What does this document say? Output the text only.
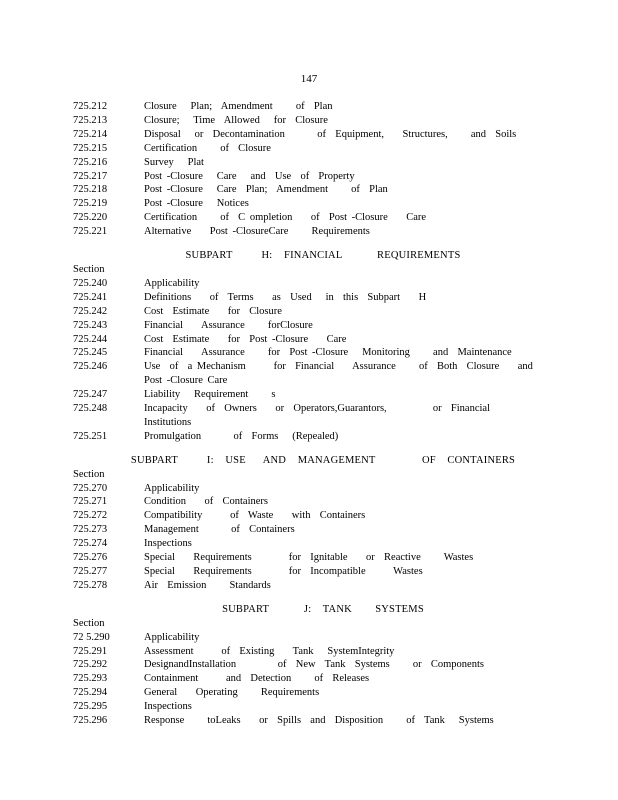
147
725.212	Closure   Plan;  Amendment     of  Plan
725.213	Closure;   Time  Allowed   for  Closure
725.214	Disposal   or  Decontamination       of  Equipment,    Structures,     and  Soils
725.215	Certification     of  Closure
725.216	Survey   Plat
725.217	Post -Closure   Care   and  Use  of  Property
725.218	Post -Closure   Care  Plan;  Amendment     of  Plan
725.219	Post -Closure   Notices
725.220	Certification     of  C ompletion    of  Post -Closure    Care
725.221	Alternative    Post -ClosureCare     Requirements
SUBPART     H:  FINANCIAL      REQUIREMENTS
Section
725.240	Applicability
725.241	Definitions    of  Terms    as  Used   in  this  Subpart    H
725.242	Cost  Estimate    for  Closure
725.243	Financial    Assurance     forClosure
725.244	Cost  Estimate    for  Post -Closure    Care
725.245	Financial    Assurance     for  Post -Closure   Monitoring     and  Maintenance
725.246	Use  of  a Mechanism      for  Financial    Assurance     of  Both  Closure    and  Post -Closure Care
725.247	Liability   Requirement     s
725.248	Incapacity    of  Owners    or  Operators,Guarantors,          or  Financial    Institutions
725.251	Promulgation       of  Forms   (Repealed)
SUBPART     I:  USE   AND  MANAGEMENT        OF  CONTAINERS
Section
725.270	Applicability
725.271	Condition    of  Containers
725.272	Compatibility      of  Waste    with  Containers
725.273	Management       of  Containers
725.274	Inspections
725.276	Special    Requirements        for  Ignitable    or  Reactive     Wastes
725.277	Special    Requirements        for  Incompatible      Wastes
725.278	Air  Emission     Standards
SUBPART      J:  TANK    SYSTEMS
Section
72 5.290	Applicability
725.291	Assessment      of  Existing    Tank   SystemIntegrity
725.292	DesignandInstallation         of  New  Tank  Systems     or  Components
725.293	Containment      and  Detection     of  Releases
725.294	General    Operating     Requirements
725.295	Inspections
725.296	Response     toLeaks    or  Spills  and  Disposition     of  Tank   Systems
